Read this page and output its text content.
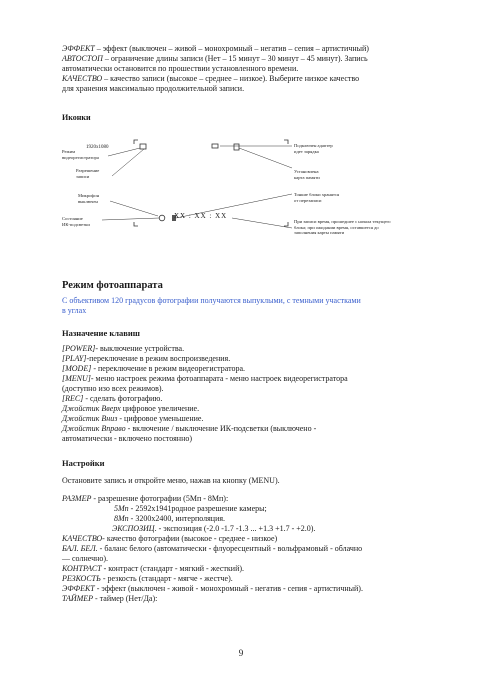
ЭФФЕКТ – эффект (выключен – живой – монохромный – негатив – сепия – артистичный)
АВТОСТОП – ограничение длины записи (Нет – 15 минут – 30 минут – 45 минут). Запись
автоматически остановится по прошествии установленного времени.
КАЧЕСТВО – качество записи (высокое – среднее – низкое). Выберите низкое качество
для хранения максимально продолжительной записи.
Иконки
1920x1080
XX : XX : XX
Режим
видеорегистратора
Разрешение
записи
Микрофон
выключен
Состояние
ИК-подсветки
Подключен адаптер
идет зарядка
Установлена
карта памяти
Тонкие блоки хранятся
от перезаписи
При записи время, прошедшее с начала текущего
блока; при ожидании время, оставшееся до
заполнения карты памяти
Режим фотоаппарата
С объективом 120 градусов фотографии получаются выпуклыми, с темными участками
в углах
Назначение клавиш
[POWER]- выключение устройства.
[PLAY]-переключение в режим воспроизведения.
[MODE] - переключение в режим видеорегистратора.
[MENU]- меню настроек режима фотоаппарата - меню настроек видеорегистратора
(доступно изо всех режимов).
[REC] - сделать фотографию.
Джойстик Вверх цифровое увеличение.
Джойстик Вниз - цифровое уменьшение.
Джойстик Вправо - включение / выключение ИК-подсветки (выключено -
автоматически - включено постоянно)
Настройки
Остановите запись и откройте меню, нажав на кнопку (MENU).
РАЗМЕР - разрешение фотографии (5Мп - 8Мп):
5Mп - 2592x1941родное разрешение камеры;
8Mп - 3200x2400, интерполяция.
ЭКСПОЗИЦ. - экспозиция (-2.0 -1.7 -1.3 ... +1.3 +1.7 - +2.0).
КАЧЕСТВО- качество фотографии (высокое - среднее - низкое)
БАЛ. БЕЛ. - баланс белого (автоматически - флуоресцентный - вольфрамовый - облачно
— солнечно).
КОНТРАСТ - контраст (стандарт - мягкий - жесткий).
РЕЗКОСТЬ - резкость (стандарт - мягче - жестче).
ЭФФЕКТ - эффект (выключен - живой - монохромный - негатив - сепия - артистичный).
ТАЙМЕР - таймер (Нет/Да):
9
